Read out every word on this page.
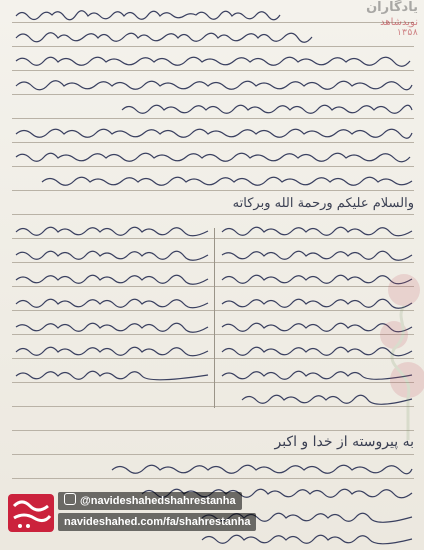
والسلام علیکم ورحمة الله وبرکاته
به پیروسته از خدا و اکبر
یادگاران
نویدشاهد
۱۳۵۸
@navideshahedshahrestanha
navideshahed.com/fa/shahrestanha
